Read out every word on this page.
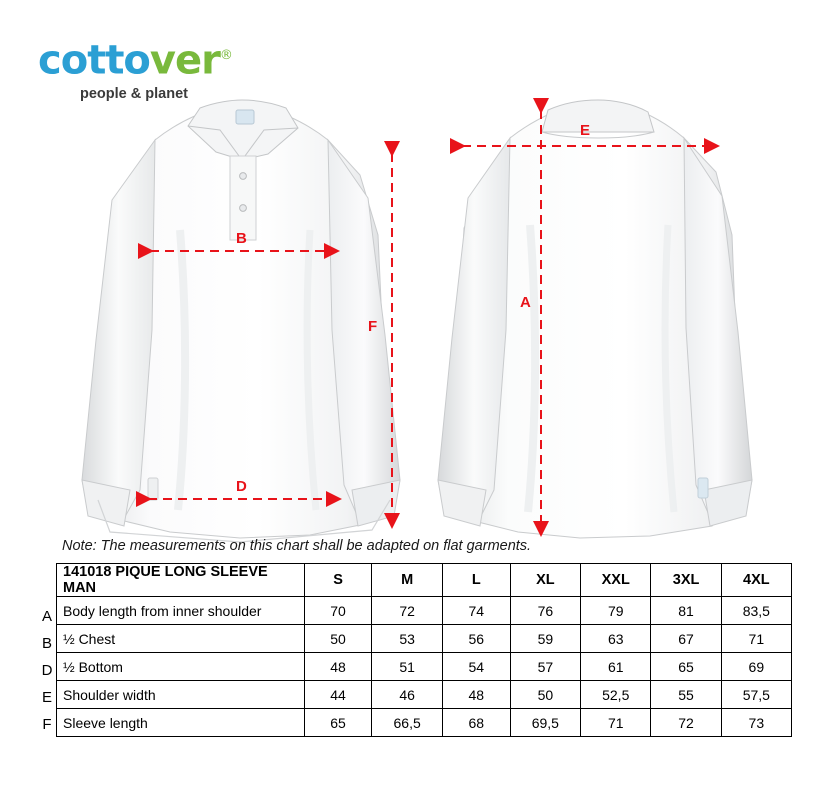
cottover®
people & planet
B
D
F
E
A
Note: The measurements on this chart shall be adapted on flat garments.
A
B
D
E
F
141018 PIQUE LONG SLEEVE MAN	S	M	L	XL	XXL	3XL	4XL
Body length from inner shoulder	70	72	74	76	79	81	83,5
½ Chest	50	53	56	59	63	67	71
½ Bottom	48	51	54	57	61	65	69
Shoulder width	44	46	48	50	52,5	55	57,5
Sleeve length	65	66,5	68	69,5	71	72	73
